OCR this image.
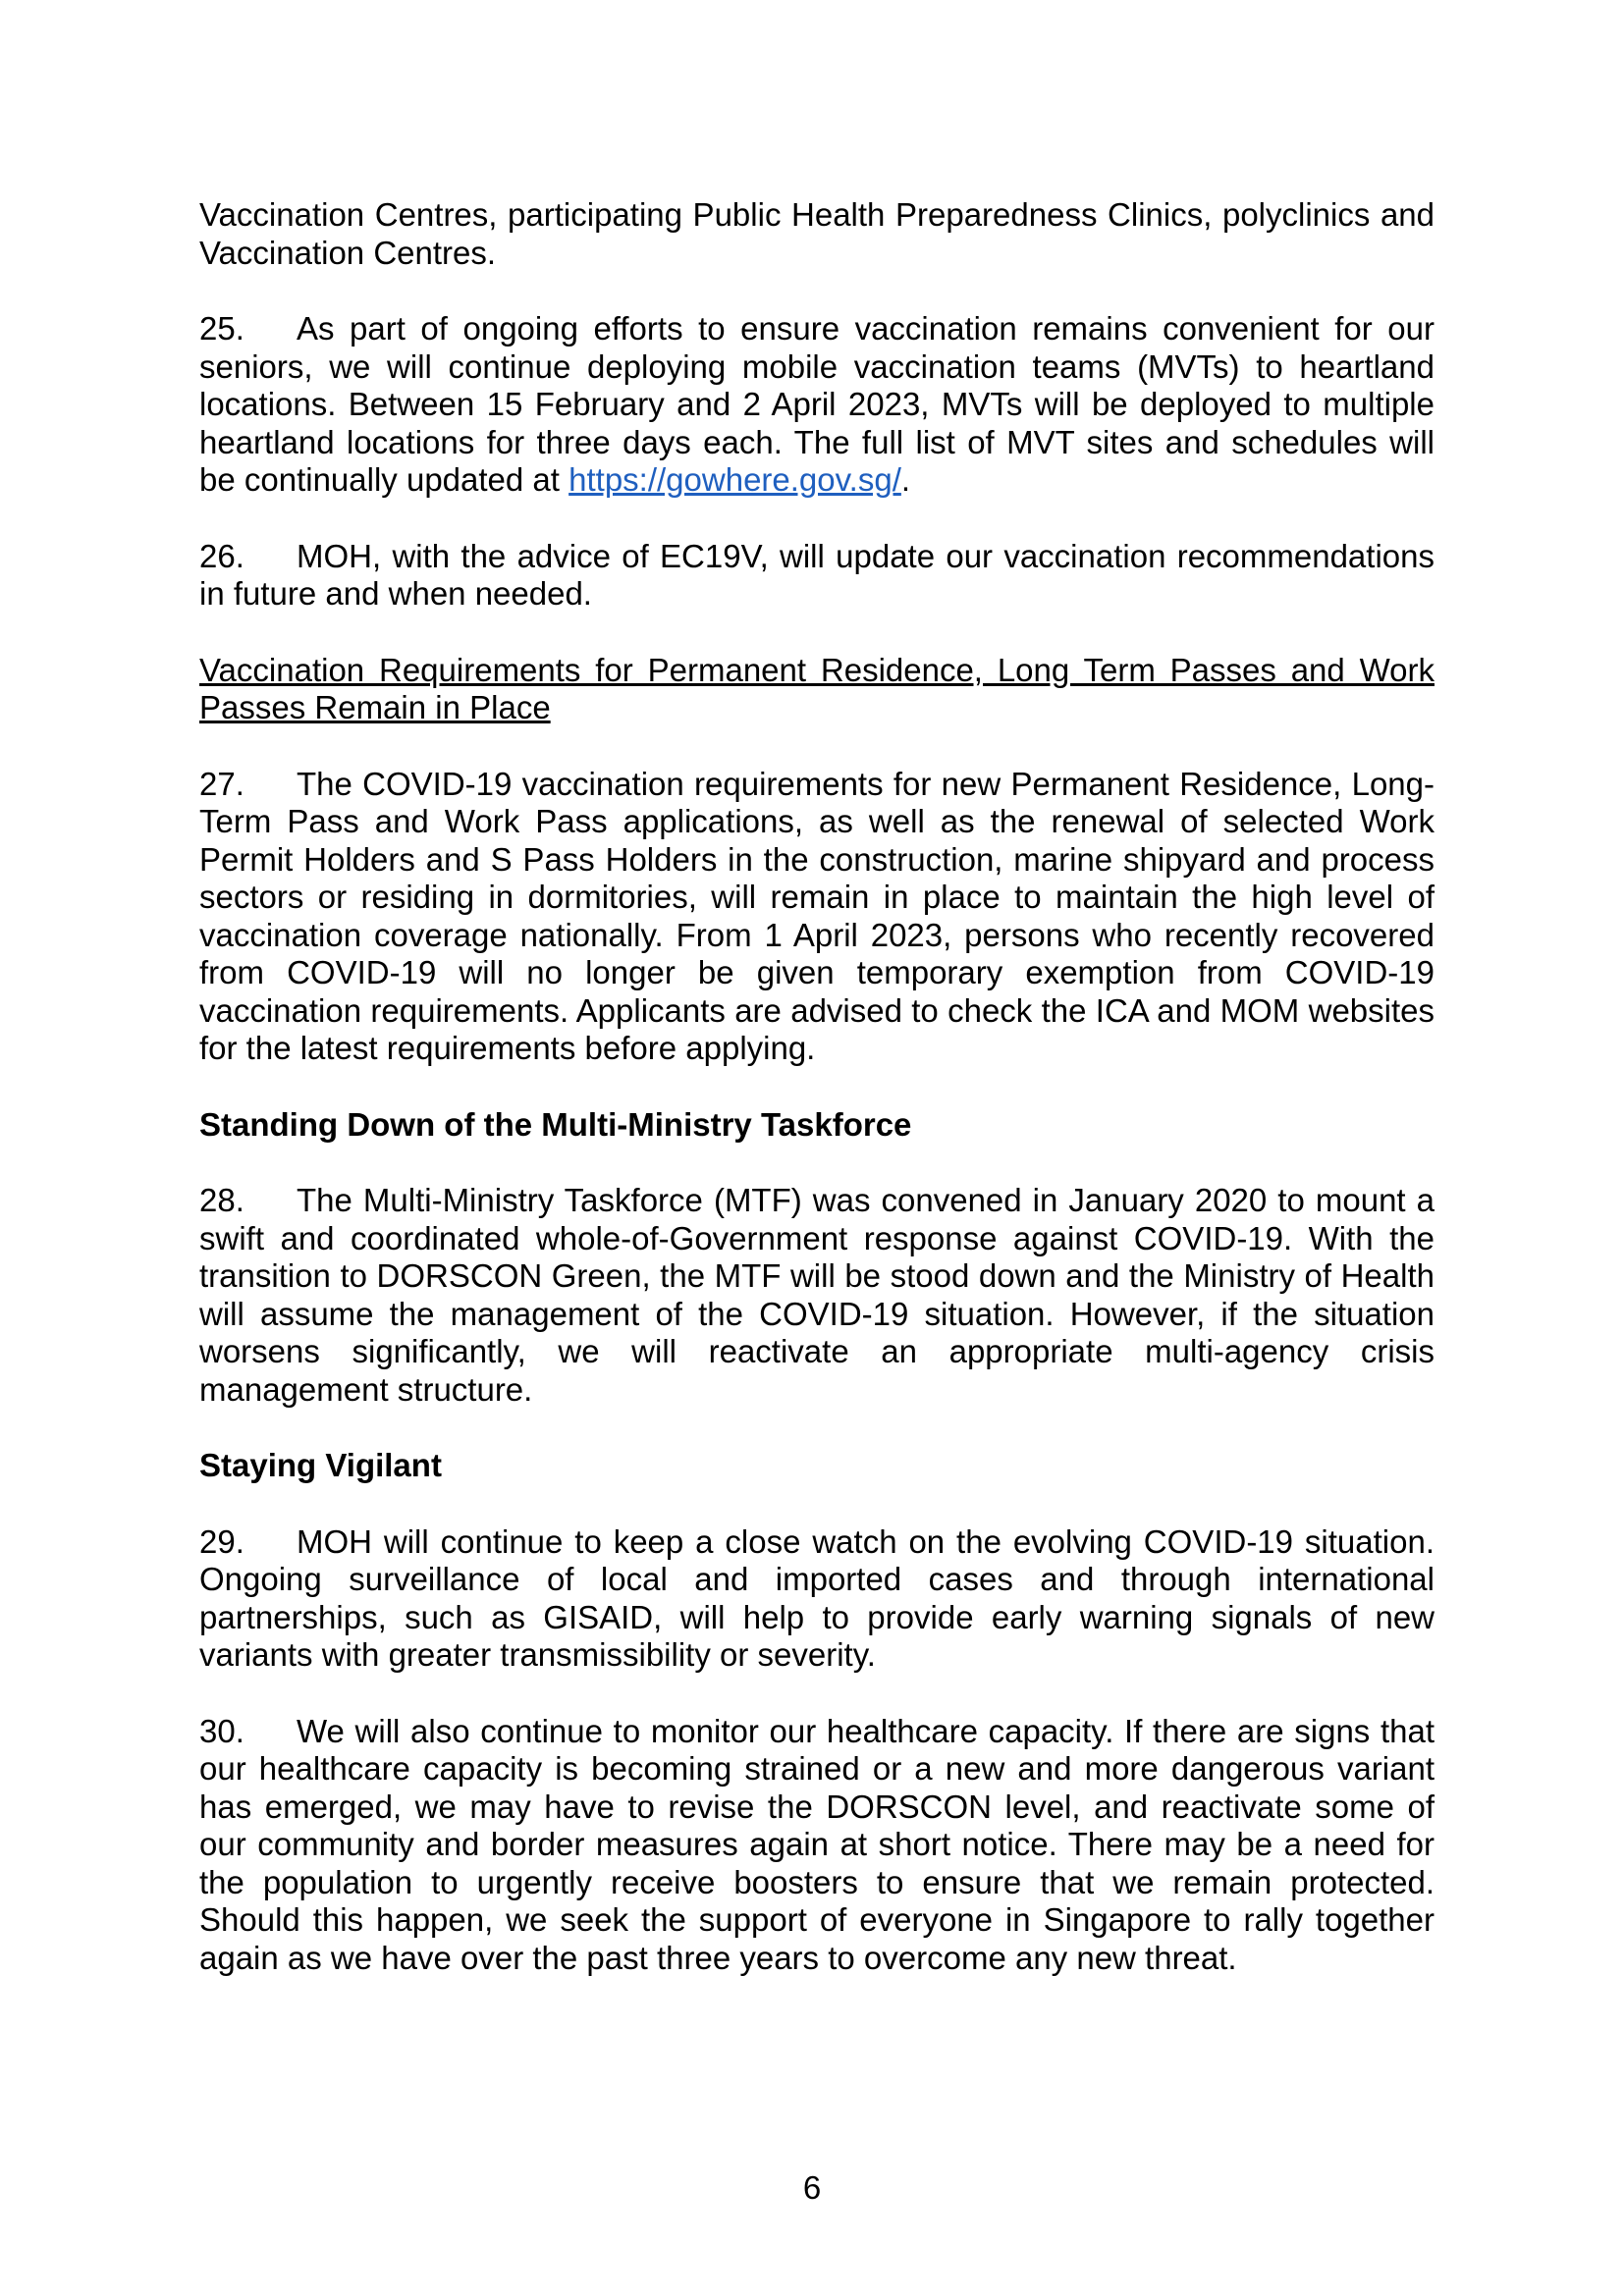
Vaccination Centres, participating Public Health Preparedness Clinics, polyclinics and Vaccination Centres.

25. As part of ongoing efforts to ensure vaccination remains convenient for our seniors, we will continue deploying mobile vaccination teams (MVTs) to heartland locations. Between 15 February and 2 April 2023, MVTs will be deployed to multiple heartland locations for three days each. The full list of MVT sites and schedules will be continually updated at https://gowhere.gov.sg/.

26. MOH, with the advice of EC19V, will update our vaccination recommendations in future and when needed.

Vaccination Requirements for Permanent Residence, Long Term Passes and Work Passes Remain in Place

27. The COVID-19 vaccination requirements for new Permanent Residence, Long-Term Pass and Work Pass applications, as well as the renewal of selected Work Permit Holders and S Pass Holders in the construction, marine shipyard and process sectors or residing in dormitories, will remain in place to maintain the high level of vaccination coverage nationally. From 1 April 2023, persons who recently recovered from COVID-19 will no longer be given temporary exemption from COVID-19 vaccination requirements. Applicants are advised to check the ICA and MOM websites for the latest requirements before applying.

Standing Down of the Multi-Ministry Taskforce

28. The Multi-Ministry Taskforce (MTF) was convened in January 2020 to mount a swift and coordinated whole-of-Government response against COVID-19. With the transition to DORSCON Green, the MTF will be stood down and the Ministry of Health will assume the management of the COVID-19 situation. However, if the situation worsens significantly, we will reactivate an appropriate multi-agency crisis management structure.

Staying Vigilant

29. MOH will continue to keep a close watch on the evolving COVID-19 situation. Ongoing surveillance of local and imported cases and through international partnerships, such as GISAID, will help to provide early warning signals of new variants with greater transmissibility or severity.

30. We will also continue to monitor our healthcare capacity. If there are signs that our healthcare capacity is becoming strained or a new and more dangerous variant has emerged, we may have to revise the DORSCON level, and reactivate some of our community and border measures again at short notice. There may be a need for the population to urgently receive boosters to ensure that we remain protected. Should this happen, we seek the support of everyone in Singapore to rally together again as we have over the past three years to overcome any new threat.

6
